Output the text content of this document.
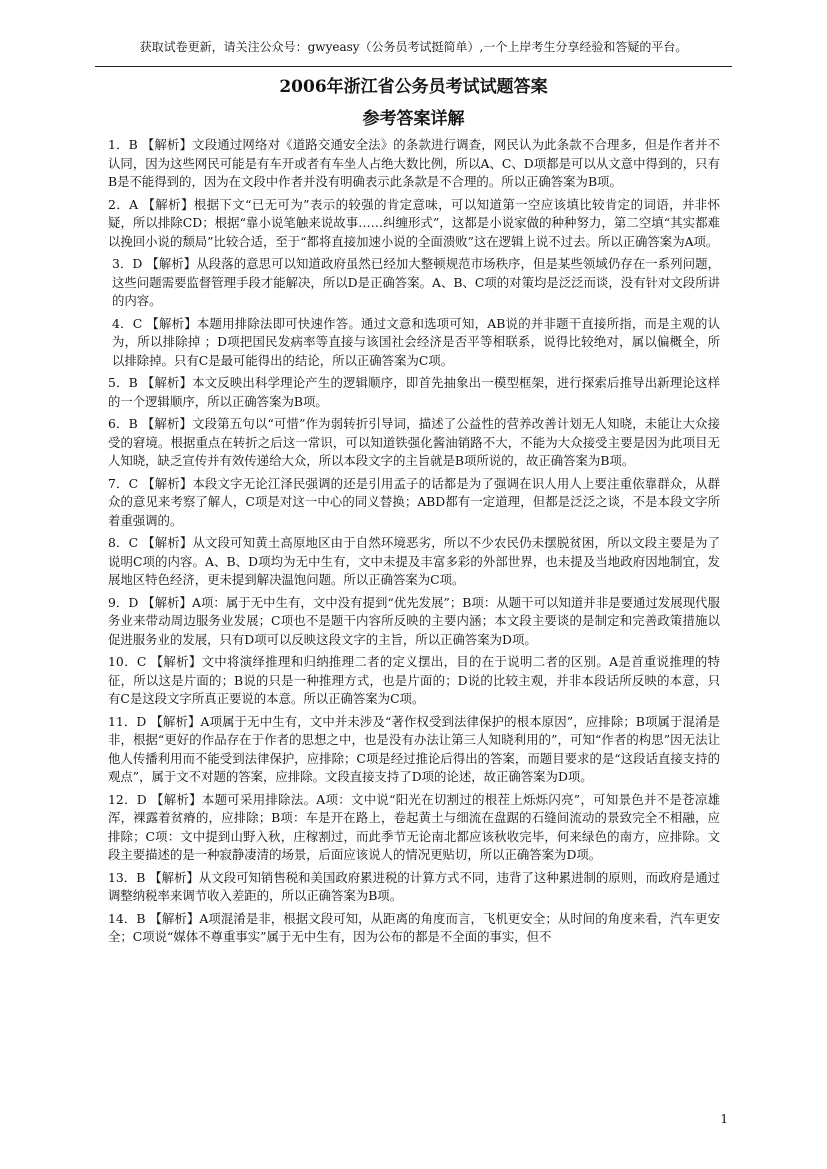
获取试卷更新，请关注公众号：gwyeasy（公务员考试挺简单）,一个上岸考生分享经验和答疑的平台。
2006年浙江省公务员考试试题答案
参考答案详解

1．B 【解析】文段通过网络对《道路交通安全法》的条款进行调查，网民认为此条款不合理多，但是作者并不认同，因为这些网民可能是有车开或者有车坐人占绝大数比例，所以A、C、D项都是可以从文意中得到的，只有B是不能得到的，因为在文段中作者并没有明确表示此条款是不合理的。所以正确答案为B项。

2．A 【解析】根据下文“已无可为”表示的较强的肯定意味，可以知道第一空应该填比较肯定的词语，并非怀疑，所以排除CD；根据“靠小说笔触来说故事……纠缠形式”，这都是小说家做的种种努力，第二空填“其实都难以挽回小说的颓局”比较合适，至于“都将直接加速小说的全面溃败”这在逻辑上说不过去。所以正确答案为A项。

3．D 【解析】从段落的意思可以知道政府虽然已经加大整顿规范市场秩序，但是某些领域仍存在一系列问题，这些问题需要监督管理手段才能解决，所以D是正确答案。A、B、C项的对策均是泛泛而谈，没有针对文段所讲的内容。

4．C 【解析】本题用排除法即可快速作答。通过文意和选项可知，AB说的并非题干直接所指，而是主观的认为，所以排除掉 ；D项把国民发病率等直接与该国社会经济是否平等相联系，说得比较绝对，属以偏概全，所以排除掉。只有C是最可能得出的结论，所以正确答案为C项。

5．B 【解析】本文反映出科学理论产生的逻辑顺序，即首先抽象出一模型框架，进行探索后推导出新理论这样的一个逻辑顺序，所以正确答案为B项。

6．B 【解析】文段第五句以“可惜”作为弱转折引导词，描述了公益性的营养改善计划无人知晓，未能让大众接受的窘境。根据重点在转折之后这一常识，可以知道铁强化酱油销路不大，不能为大众接受主要是因为此项目无人知晓，缺乏宣传并有效传递给大众，所以本段文字的主旨就是B项所说的，故正确答案为B项。

7．C 【解析】本段文字无论江泽民强调的还是引用孟子的话都是为了强调在识人用人上要注重依靠群众，从群众的意见来考察了解人，C项是对这一中心的同义替换；ABD都有一定道理，但都是泛泛之谈，不是本段文字所着重强调的。

8．C 【解析】从文段可知黄土高原地区由于自然环境恶劣，所以不少农民仍未摆脱贫困，所以文段主要是为了说明C项的内容。A、B、D项均为无中生有，文中未提及丰富多彩的外部世界，也未提及当地政府因地制宜，发展地区特色经济，更未提到解决温饱问题。所以正确答案为C项。

9．D 【解析】A项：属于无中生有，文中没有提到“优先发展”；B项：从题干可以知道并非是要通过发展现代服务业来带动周边服务业发展；C项也不是题干内容所反映的主要内涵；本文段主要谈的是制定和完善政策措施以促进服务业的发展，只有D项可以反映这段文字的主旨，所以正确答案为D项。

10．C 【解析】文中将演绎推理和归纳推理二者的定义摆出，目的在于说明二者的区别。A是首重说推理的特征，所以这是片面的；B说的只是一种推理方式，也是片面的；D说的比较主观，并非本段话所反映的本意，只有C是这段文字所真正要说的本意。所以正确答案为C项。

11．D 【解析】A项属于无中生有，文中并未涉及“著作权受到法律保护的根本原因”，应排除；B项属于混淆是非，根据“更好的作品存在于作者的思想之中，也是没有办法让第三人知晓利用的”，可知“作者的构思”因无法让他人传播利用而不能受到法律保护，应排除；C项是经过推论后得出的答案，而题目要求的是“这段话直接支持的观点”，属于文不对题的答案，应排除。文段直接支持了D项的论述，故正确答案为D项。

12．D 【解析】本题可采用排除法。A项：文中说“阳光在切割过的根茬上烁烁闪亮”，可知景色并不是苍凉雄浑，裸露着贫瘠的，应排除；B项：车是开在路上，卷起黄土与细流在盘踞的石缝间流动的景致完全不相融，应排除；C项：文中提到山野入秋，庄稼割过，而此季节无论南北都应该秋收完毕，何来绿色的南方，应排除。文段主要描述的是一种寂静凄清的场景，后面应该说人的情况更贴切，所以正确答案为D项。

13．B 【解析】从文段可知销售税和美国政府累进税的计算方式不同，违背了这种累进制的原则，而政府是通过调整纳税率来调节收入差距的，所以正确答案为B项。

14．B 【解析】A项混淆是非，根据文段可知，从距离的角度而言，飞机更安全；从时间的角度来看，汽车更安全；C项说“媒体不尊重事实”属于无中生有，因为公布的都是不全面的事实，但不

1
